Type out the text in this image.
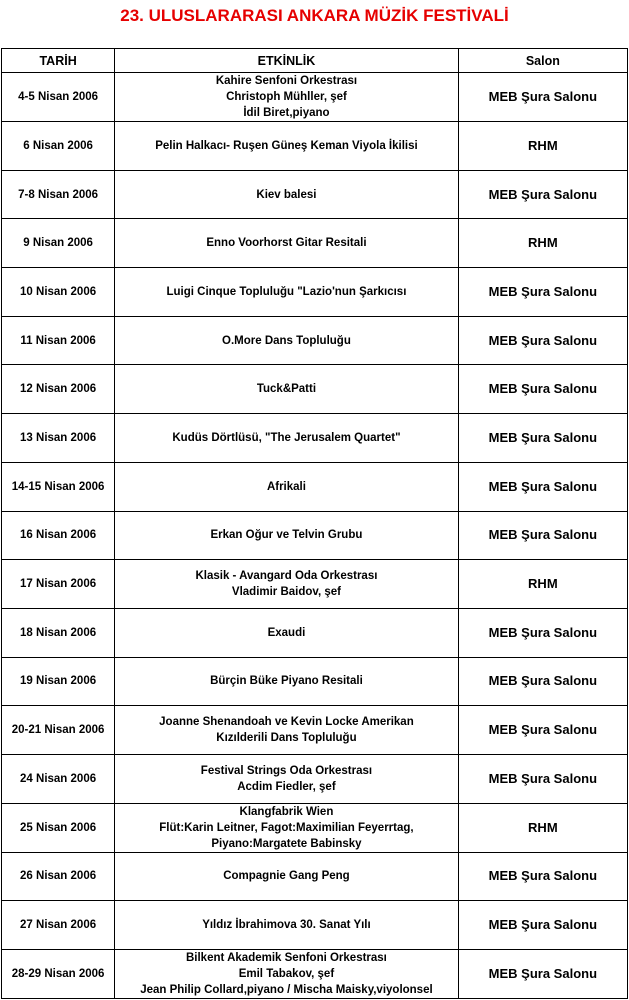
23. ULUSLARARASI ANKARA MÜZİK FESTİVALİ
TARİH	ETKİNLİK	Salon
4-5 Nisan 2006	Kahire Senfoni Orkestrası
Christoph Mühller, şef
İdil Biret,piyano	MEB Şura Salonu
6 Nisan 2006	Pelin Halkacı- Ruşen Güneş Keman Viyola İkilisi	RHM
7-8 Nisan 2006	Kiev balesi	MEB Şura Salonu
9 Nisan 2006	Enno Voorhorst Gitar Resitali	RHM
10 Nisan 2006	Luigi Cinque Topluluğu "Lazio'nun Şarkıcısı	MEB Şura Salonu
11 Nisan 2006	O.More Dans Topluluğu	MEB Şura Salonu
12 Nisan 2006	Tuck&Patti	MEB Şura Salonu
13 Nisan 2006	Kudüs Dörtlüsü, "The Jerusalem Quartet"	MEB Şura Salonu
14-15 Nisan 2006	Afrikali	MEB Şura Salonu
16 Nisan 2006	Erkan Oğur ve Telvin Grubu	MEB Şura Salonu
17 Nisan 2006	Klasik - Avangard Oda Orkestrası
Vladimir Baidov, şef	RHM
18 Nisan 2006	Exaudi	MEB Şura Salonu
19 Nisan 2006	Bürçin Büke Piyano Resitali	MEB Şura Salonu
20-21 Nisan 2006	Joanne Shenandoah ve Kevin Locke Amerikan
Kızılderili Dans Topluluğu	MEB Şura Salonu
24 Nisan 2006	Festival Strings Oda Orkestrası
Acdim Fiedler, şef	MEB Şura Salonu
25 Nisan 2006	Klangfabrik Wien
Flüt:Karin Leitner, Fagot:Maximilian Feyerrtag,
Piyano:Margatete Babinsky	RHM
26 Nisan 2006	Compagnie Gang Peng	MEB Şura Salonu
27 Nisan 2006	Yıldız İbrahimova 30. Sanat Yılı	MEB Şura Salonu
28-29 Nisan 2006	Bilkent Akademik Senfoni Orkestrası
Emil Tabakov, şef
Jean Philip Collard,piyano / Mischa Maisky,viyolonsel	MEB Şura Salonu
